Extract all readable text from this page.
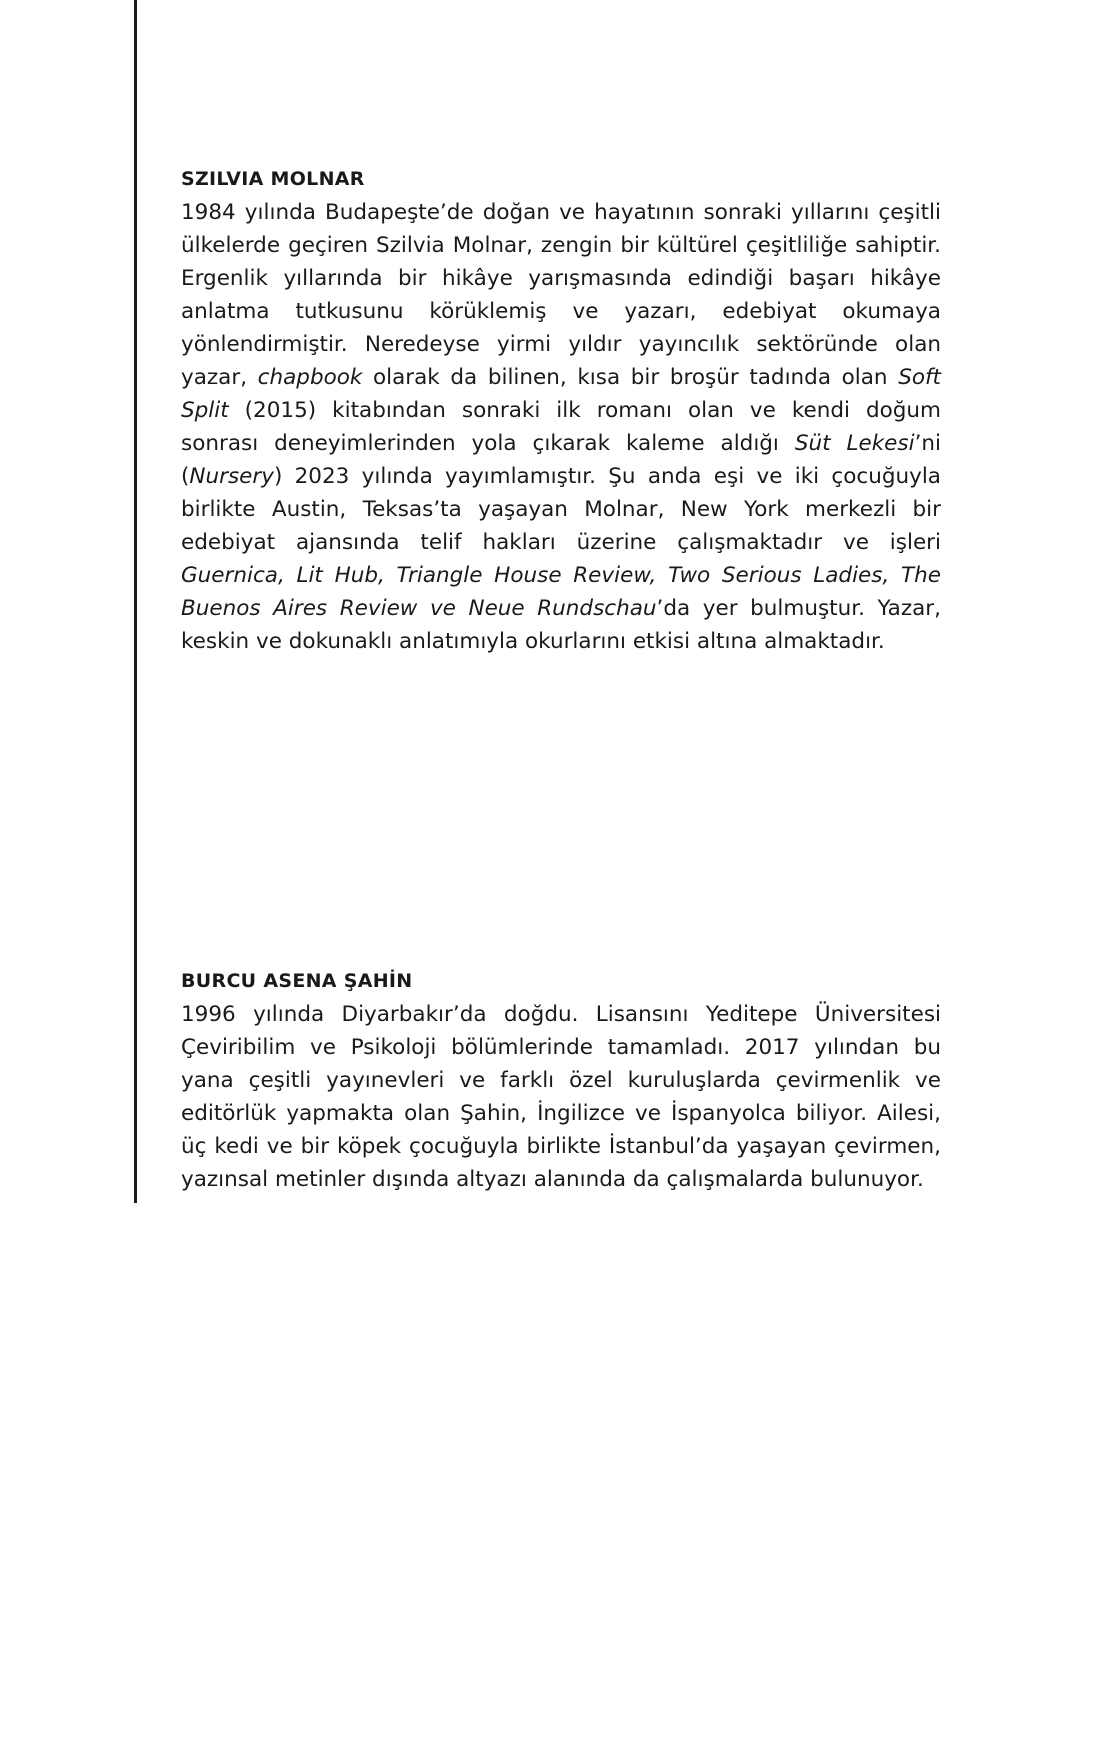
SZILVIA MOLNAR

1984 yılında Budapeşte’de doğan ve hayatının sonraki yıllarını çeşitli ülkelerde geçiren Szilvia Molnar, zengin bir kültürel çeşitliliğe sahiptir. Ergenlik yıllarında bir hikâye yarışmasında edindiği başarı hikâye anlatma tutkusunu körüklemiş ve yazarı, edebiyat okumaya yönlendirmiştir. Neredeyse yirmi yıldır yayıncılık sektöründe olan yazar, chapbook olarak da bilinen, kısa bir broşür tadında olan Soft Split (2015) kitabından sonraki ilk romanı olan ve kendi doğum sonrası deneyimlerinden yola çıkarak kaleme aldığı Süt Lekesi’ni (Nursery) 2023 yılında yayımlamıştır. Şu anda eşi ve iki çocuğuyla birlikte Austin, Teksas’ta yaşayan Molnar, New York merkezli bir edebiyat ajansında telif hakları üzerine çalışmaktadır ve işleri Guernica, Lit Hub, Triangle House Review, Two Serious Ladies, The Buenos Aires Review ve Neue Rundschau’da yer bulmuştur. Yazar, keskin ve dokunaklı anlatımıyla okurlarını etkisi altına almaktadır.

BURCU ASENA ŞAHİN

1996 yılında Diyarbakır’da doğdu. Lisansını Yeditepe Üniversitesi Çeviribilim ve Psikoloji bölümlerinde tamamladı. 2017 yılından bu yana çeşitli yayınevleri ve farklı özel kuruluşlarda çevirmenlik ve editörlük yapmakta olan Şahin, İngilizce ve İspanyolca biliyor. Ailesi, üç kedi ve bir köpek çocuğuyla birlikte İstanbul’da yaşayan çevirmen, yazınsal metinler dışında altyazı alanında da çalışmalarda bulunuyor.
